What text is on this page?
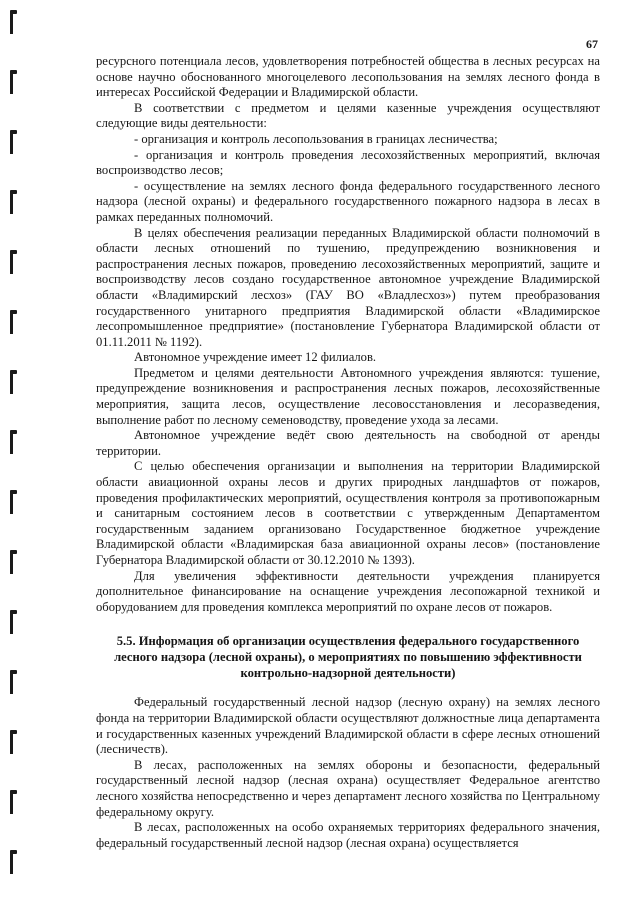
67

ресурсного потенциала лесов, удовлетворения потребностей общества в лесных ресурсах на основе научно обоснованного многоцелевого лесопользования на землях лесного фонда в интересах Российской Федерации и Владимирской области.

В соответствии с предметом и целями казенные учреждения осуществляют следующие виды деятельности:

- организация и контроль лесопользования в границах лесничества;

- организация и контроль проведения лесохозяйственных мероприятий, включая воспроизводство лесов;

- осуществление на землях лесного фонда федерального государственного лесного надзора (лесной охраны) и федерального государственного пожарного надзора в лесах в рамках переданных полномочий.

В целях обеспечения реализации переданных Владимирской области полномочий в области лесных отношений по тушению, предупреждению возникновения и распространения лесных пожаров, проведению лесохозяйственных мероприятий, защите и воспроизводству лесов создано государственное автономное учреждение Владимирской области «Владимирский лесхоз» (ГАУ ВО «Владлесхоз») путем преобразования государственного унитарного предприятия Владимирской области «Владимирское лесопромышленное предприятие» (постановление Губернатора Владимирской области от 01.11.2011 № 1192).

Автономное учреждение имеет 12 филиалов.

Предметом и целями деятельности Автономного учреждения являются: тушение, предупреждение возникновения и распространения лесных пожаров, лесохозяйственные мероприятия, защита лесов, осуществление лесовосстановления и лесоразведения, выполнение работ по лесному семеноводству, проведение ухода за лесами.

Автономное учреждение ведёт свою деятельность на свободной от аренды территории.

С целью обеспечения организации и выполнения на территории Владимирской области авиационной охраны лесов и других природных ландшафтов от пожаров, проведения профилактических мероприятий, осуществления контроля за противопожарным и санитарным состоянием лесов в соответствии с утвержденным Департаментом государственным заданием организовано Государственное бюджетное учреждение Владимирской области «Владимирская база авиационной охраны лесов» (постановление Губернатора Владимирской области от 30.12.2010 № 1393).

Для увеличения эффективности деятельности учреждения планируется дополнительное финансирование на оснащение учреждения лесопожарной техникой и оборудованием для проведения комплекса мероприятий по охране лесов от пожаров.

5.5. Информация об организации осуществления федерального государственного лесного надзора (лесной охраны), о мероприятиях по повышению эффективности контрольно-надзорной деятельности)

Федеральный государственный лесной надзор (лесную охрану) на землях лесного фонда на территории Владимирской области осуществляют должностные лица департамента и государственных казенных учреждений Владимирской области в сфере лесных отношений (лесничеств).

В лесах, расположенных на землях обороны и безопасности, федеральный государственный лесной надзор (лесная охрана) осуществляет Федеральное агентство лесного хозяйства непосредственно и через департамент лесного хозяйства по Центральному федеральному округу.

В лесах, расположенных на особо охраняемых территориях федерального значения, федеральный государственный лесной надзор (лесная охрана) осуществляется
